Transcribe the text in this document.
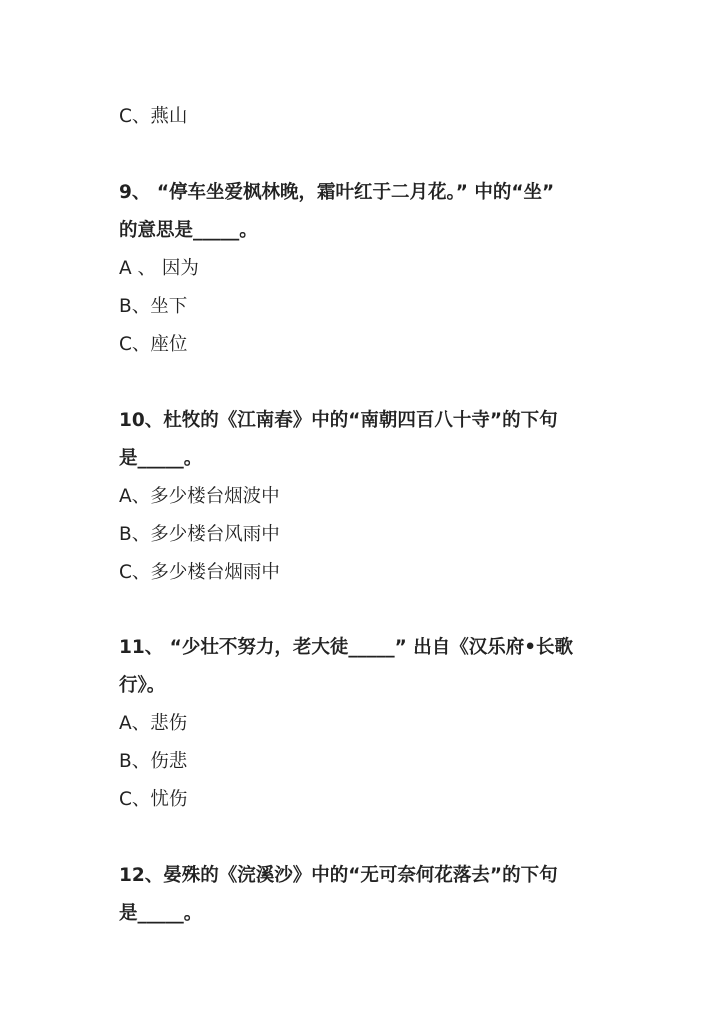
C、燕山
9、 “停车坐爱枫林晚，霜叶红于二月花。” 中的“坐”
的意思是_____。
A 、 因为
B、坐下
C、座位
10、杜牧的《江南春》中的“南朝四百八十寺”的下句
是_____。
A、多少楼台烟波中
B、多少楼台风雨中
C、多少楼台烟雨中
11、 “少壮不努力，老大徒_____” 出自《汉乐府•长歌
行》。
A、悲伤
B、伤悲
C、忧伤
12、晏殊的《浣溪沙》中的“无可奈何花落去”的下句
是_____。
